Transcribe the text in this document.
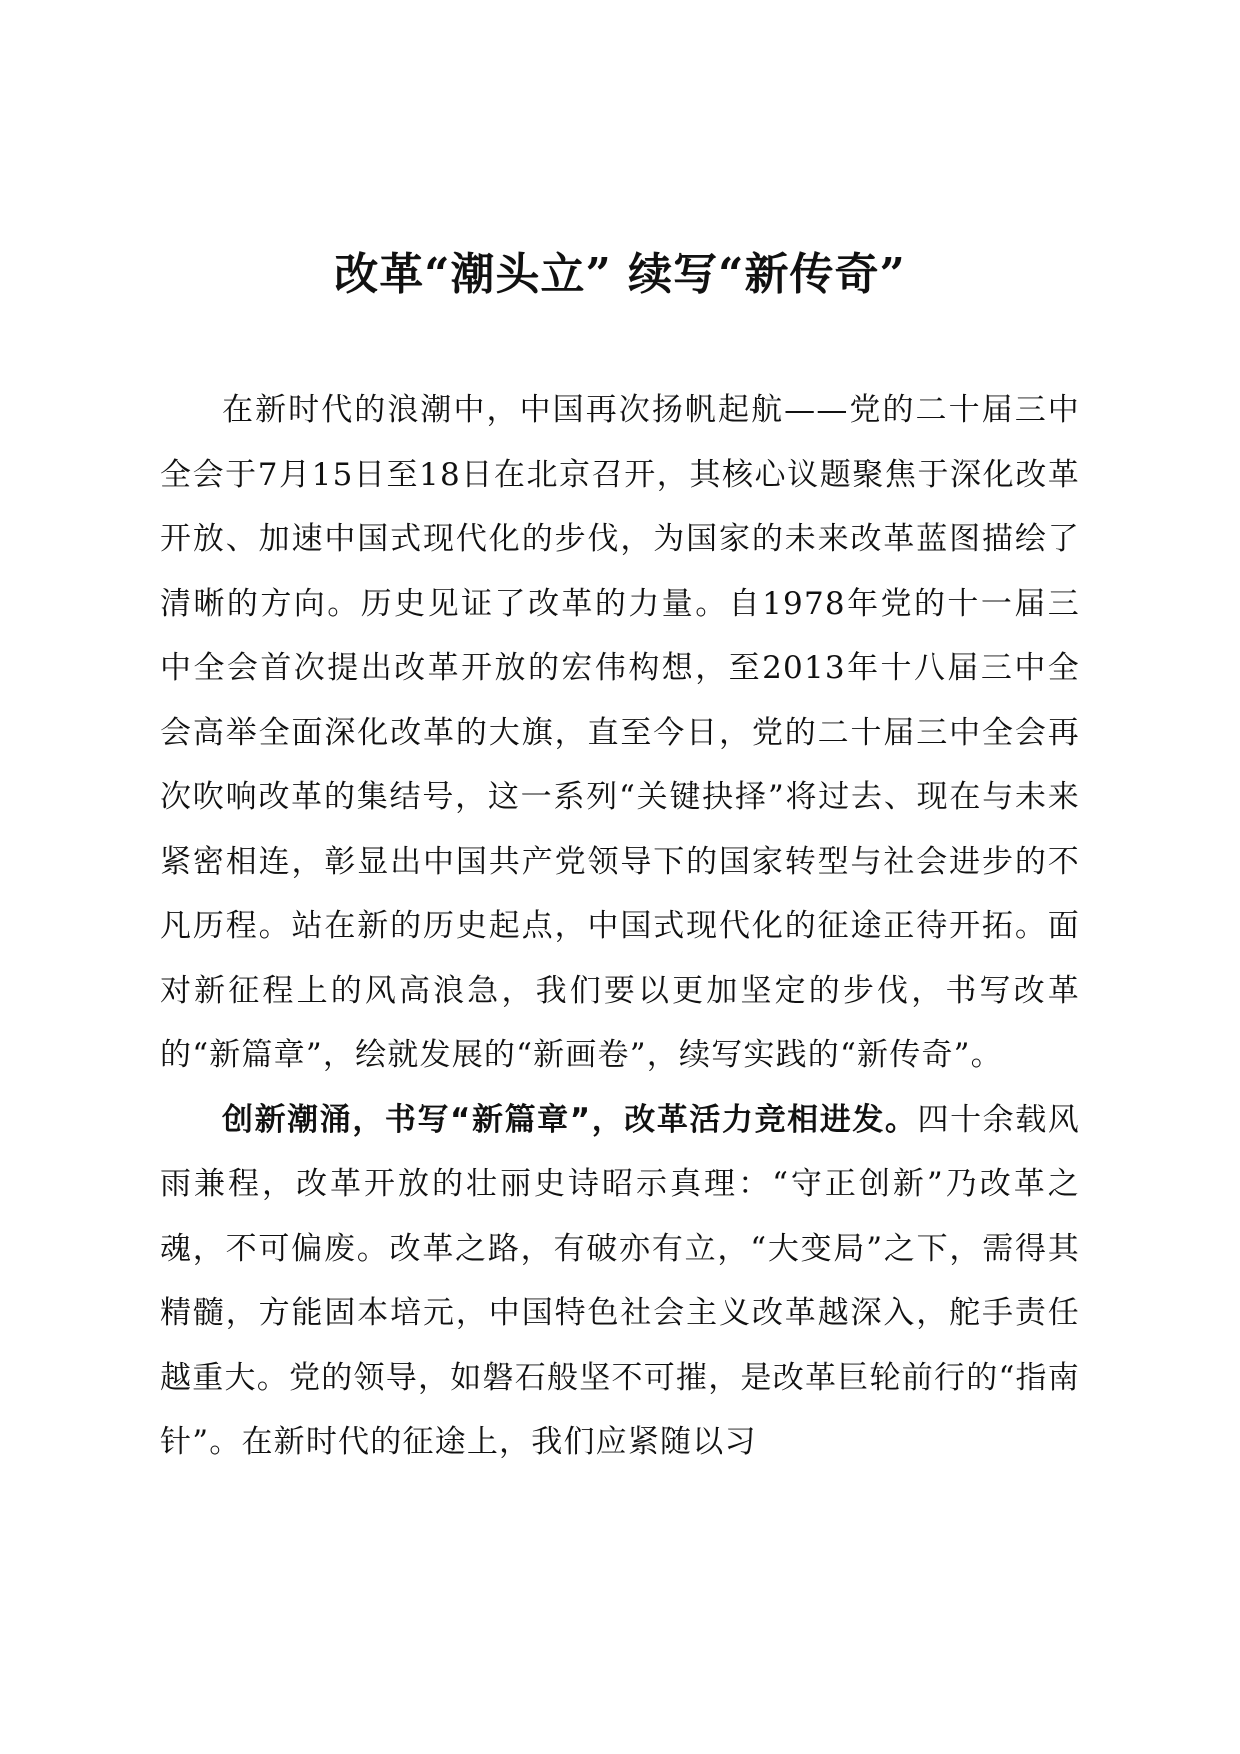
改革“潮头立” 续写“新传奇”

在新时代的浪潮中，中国再次扬帆起航——党的二十届三中全会于7月15日至18日在北京召开，其核心议题聚焦于深化改革开放、加速中国式现代化的步伐，为国家的未来改革蓝图描绘了清晰的方向。历史见证了改革的力量。自1978年党的十一届三中全会首次提出改革开放的宏伟构想，至2013年十八届三中全会高举全面深化改革的大旗，直至今日，党的二十届三中全会再次吹响改革的集结号，这一系列“关键抉择”将过去、现在与未来紧密相连，彰显出中国共产党领导下的国家转型与社会进步的不凡历程。站在新的历史起点，中国式现代化的征途正待开拓。面对新征程上的风高浪急，我们要以更加坚定的步伐，书写改革的“新篇章”，绘就发展的“新画卷”，续写实践的“新传奇”。

创新潮涌，书写“新篇章”，改革活力竞相进发。四十余载风雨兼程，改革开放的壮丽史诗昭示真理：“守正创新”乃改革之魂，不可偏废。改革之路，有破亦有立，“大变局”之下，需得其精髓，方能固本培元，中国特色社会主义改革越深入，舵手责任越重大。党的领导，如磐石般坚不可摧，是改革巨轮前行的“指南针”。在新时代的征途上，我们应紧随以习
